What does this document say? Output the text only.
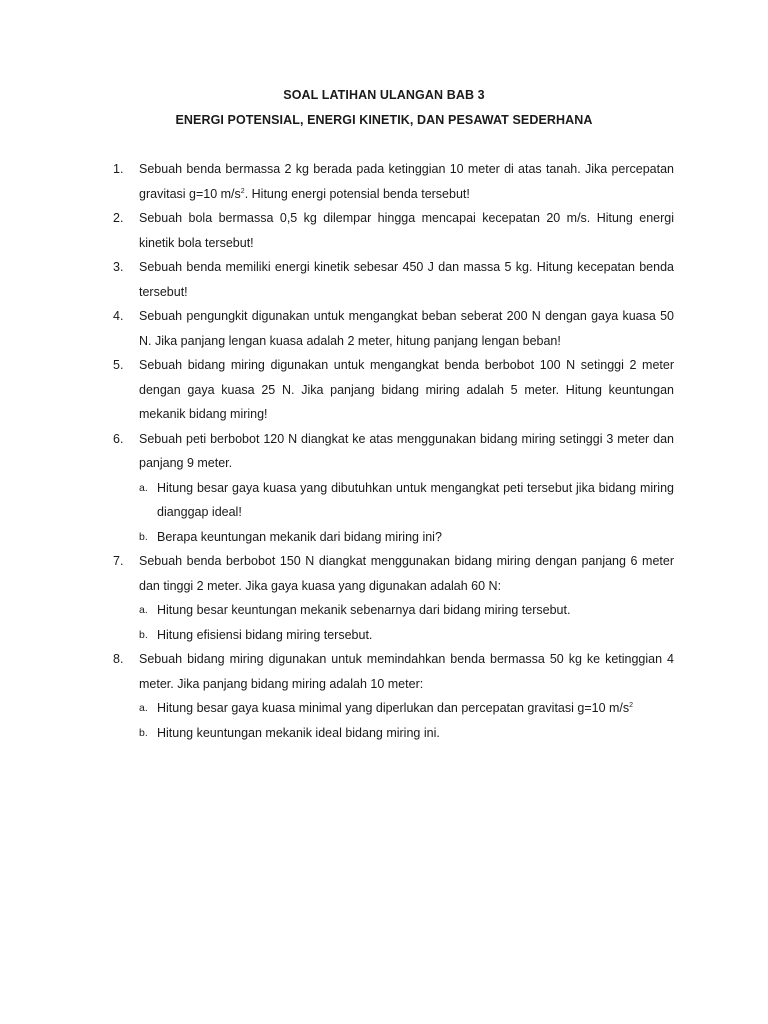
SOAL LATIHAN ULANGAN BAB 3
ENERGI POTENSIAL, ENERGI KINETIK, DAN PESAWAT SEDERHANA
1. Sebuah benda bermassa 2 kg berada pada ketinggian 10 meter di atas tanah. Jika percepatan gravitasi g=10 $m/s^2$. Hitung energi potensial benda tersebut!
2. Sebuah bola bermassa 0,5 kg dilempar hingga mencapai kecepatan 20 m/s. Hitung energi kinetik bola tersebut!
3. Sebuah benda memiliki energi kinetik sebesar 450 J dan massa 5 kg. Hitung kecepatan benda tersebut!
4. Sebuah pengungkit digunakan untuk mengangkat beban seberat 200 N dengan gaya kuasa 50 N. Jika panjang lengan kuasa adalah 2 meter, hitung panjang lengan beban!
5. Sebuah bidang miring digunakan untuk mengangkat benda berbobot 100 N setinggi 2 meter dengan gaya kuasa 25 N. Jika panjang bidang miring adalah 5 meter. Hitung keuntungan mekanik bidang miring!
6. Sebuah peti berbobot 120 N diangkat ke atas menggunakan bidang miring setinggi 3 meter dan panjang 9 meter.
a. Hitung besar gaya kuasa yang dibutuhkan untuk mengangkat peti tersebut jika bidang miring dianggap ideal!
b. Berapa keuntungan mekanik dari bidang miring ini?
7. Sebuah benda berbobot 150 N diangkat menggunakan bidang miring dengan panjang 6 meter dan tinggi 2 meter. Jika gaya kuasa yang digunakan adalah 60 N:
a. Hitung besar keuntungan mekanik sebenarnya dari bidang miring tersebut.
b. Hitung efisiensi bidang miring tersebut.
8. Sebuah bidang miring digunakan untuk memindahkan benda bermassa 50 kg ke ketinggian 4 meter. Jika panjang bidang miring adalah 10 meter:
a. Hitung besar gaya kuasa minimal yang diperlukan dan percepatan gravitasi g=10 $m/s^2$
b. Hitung keuntungan mekanik ideal bidang miring ini.
